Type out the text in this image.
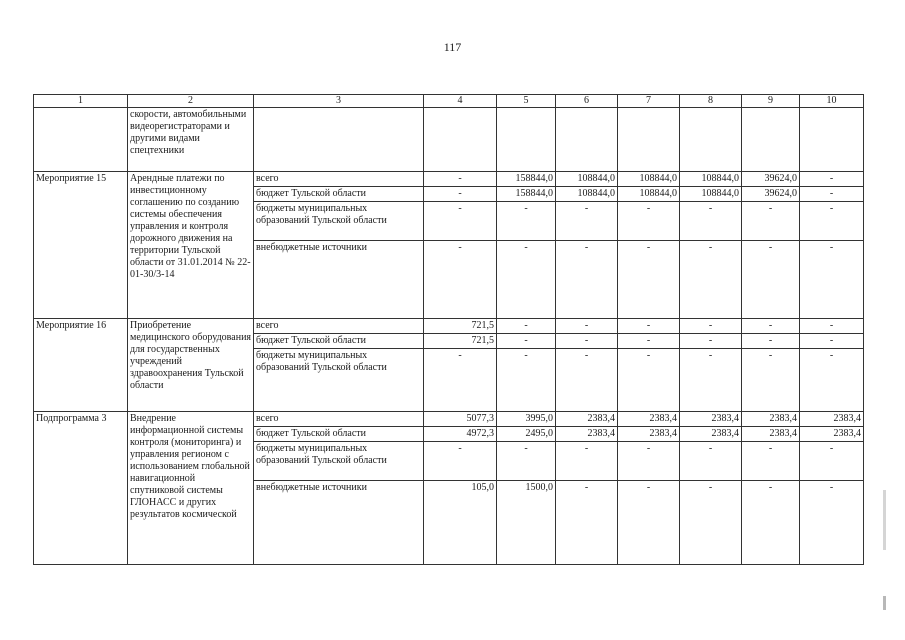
117
1	2	3	4	5	6	7	8	9	10
	скорости, автомобильными видеорегистраторами и другими видами спецтехники								
Мероприятие 15	Арендные платежи по инвестиционному соглашению по созданию системы обеспечения управления и контроля дорожного движения на территории Тульской области от 31.01.2014 № 22-01-30/3-14	всего	-	158844,0	108844,0	108844,0	108844,0	39624,0	-
		бюджет Тульской области	-	158844,0	108844,0	108844,0	108844,0	39624,0	-
		бюджеты муниципальных образований Тульской области	-	-	-	-	-	-	-
		внебюджетные источники	-	-	-	-	-	-	-
Мероприятие 16	Приобретение медицинского оборудования для государственных учреждений здравоохранения Тульской области	всего	721,5	-	-	-	-	-	-
		бюджет Тульской области	721,5	-	-	-	-	-	-
		бюджеты муниципальных образований Тульской области	-	-	-	-	-	-	-
Подпрограмма 3	Внедрение информационной системы контроля (мониторинга) и управления регионом с использованием глобальной навигационной спутниковой системы ГЛОНАСС и других результатов космической	всего	5077,3	3995,0	2383,4	2383,4	2383,4	2383,4	2383,4
		бюджет Тульской области	4972,3	2495,0	2383,4	2383,4	2383,4	2383,4	2383,4
		бюджеты муниципальных образований Тульской области	-	-	-	-	-	-	-
		внебюджетные источники	105,0	1500,0	-	-	-	-	-
